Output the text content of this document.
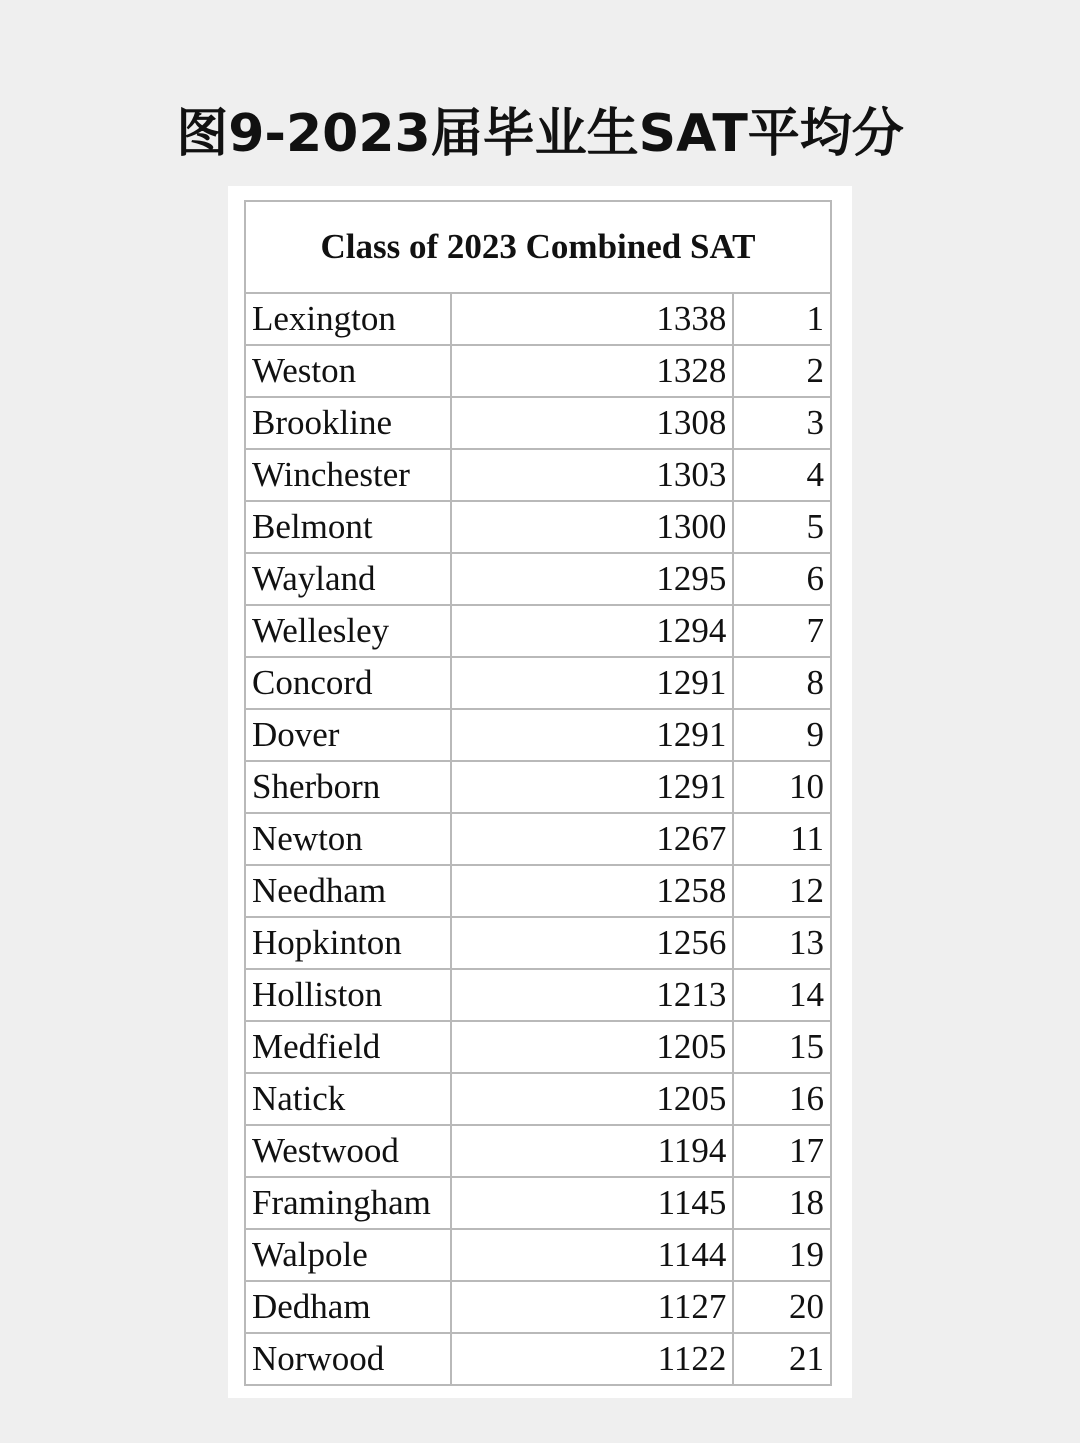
图9-2023届毕业生SAT平均分
Class of 2023 Combined SAT		
Lexington	1338	1
Weston	1328	2
Brookline	1308	3
Winchester	1303	4
Belmont	1300	5
Wayland	1295	6
Wellesley	1294	7
Concord	1291	8
Dover	1291	9
Sherborn	1291	10
Newton	1267	11
Needham	1258	12
Hopkinton	1256	13
Holliston	1213	14
Medfield	1205	15
Natick	1205	16
Westwood	1194	17
Framingham	1145	18
Walpole	1144	19
Dedham	1127	20
Norwood	1122	21
